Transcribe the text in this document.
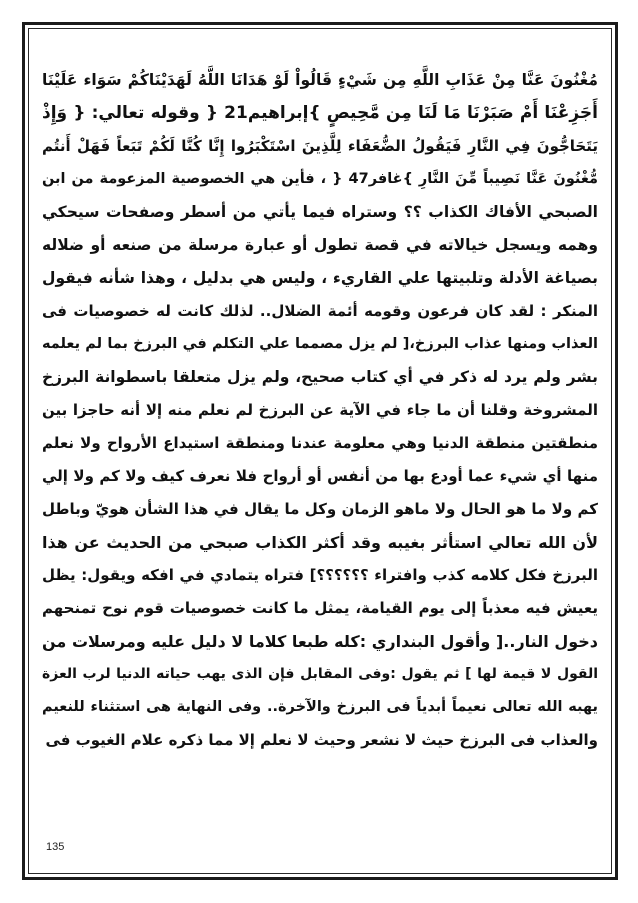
مُغْنُونَ عَنَّا مِنْ عَذَابِ اللَّهِ مِن شَيْءٍ قَالُواْ لَوْ هَدَانَا اللَّهُ لَهَدَيْنَاكُمْ سَوَاء عَلَيْنَا
أَجَزِعْنَا أَمْ صَبَرْنَا مَا لَنَا مِن مَّحِيصٍ }إبراهيم21 { وقوله تعالي: { وَإِذْ
يَتَحَاجُّونَ فِي النَّارِ فَيَقُولُ الضُّعَفَاء لِلَّذِينَ اسْتَكْبَرُوا إِنَّا كُنَّا لَكُمْ تَبَعاً فَهَلْ أَنتُم
مُّغْنُونَ عَنَّا نَصِيباً مِّنَ النَّارِ }غافر47 { ، فأين هي الخصوصية المزعومة من ابن
الصبحي الأفاك الكذاب ؟؟ وستراه فيما يأتي من أسطر وصفحات سيحكي
وهمه ويسجل خيالاته في قصة تطول أو عبارة مرسلة من صنعه أو ضلاله
بصياغة الأدلة وتلبيتها علي القاريء ، وليس هي بدليل ، وهذا شأنه فيقول
المنكر : لقد كان فرعون وقومه أئمة الضلال.. لذلك كانت له خصوصيات فى
العذاب ومنها عذاب البرزخ،[ لم يزل مصمما علي التكلم في البرزخ بما لم يعلمه
بشر ولم يرد له ذكر في أي كتاب صحيح، ولم يزل متعلقا باسطوانة البرزخ
المشروخة وقلنا أن ما جاء في الآية عن البرزخ لم نعلم منه إلا أنه حاجزا بين
منطقتين منطقة الدنيا وهي معلومة عندنا ومنطقة استيداع الأرواح ولا نعلم
منها أي شيء عما أودع بها من أنفس أو أرواح فلا نعرف كيف ولا كم ولا إلي
كم ولا ما هو الحال ولا ماهو الزمان وكل ما يقال في هذا الشأن هويّ وباطل
لأن الله تعالي استأثر بغيبه وقد أكثر الكذاب صبحي من الحديث عن هذا
البرزخ فكل كلامه كذب وافتراء ؟؟؟؟؟؟] فتراه يتمادي في افكه ويقول: يظل
يعيش فيه معذباً إلى يوم القيامة، يمثل ما كانت خصوصيات قوم نوح تمنحهم
دخول النار..[ وأقول البنداري :كله طبعا كلاما لا دليل عليه ومرسلات من
القول لا قيمة لها ] ثم يقول :وفى المقابل فإن الذى يهب حياته الدنيا لرب العزة
يهبه الله تعالى نعيماً أبدياً فى البرزخ والآخرة.. وفى النهاية هى استثناء للنعيم
والعذاب فى البرزخ حيث لا نشعر وحيث لا نعلم إلا مما ذكره علام الغيوب فى
135
